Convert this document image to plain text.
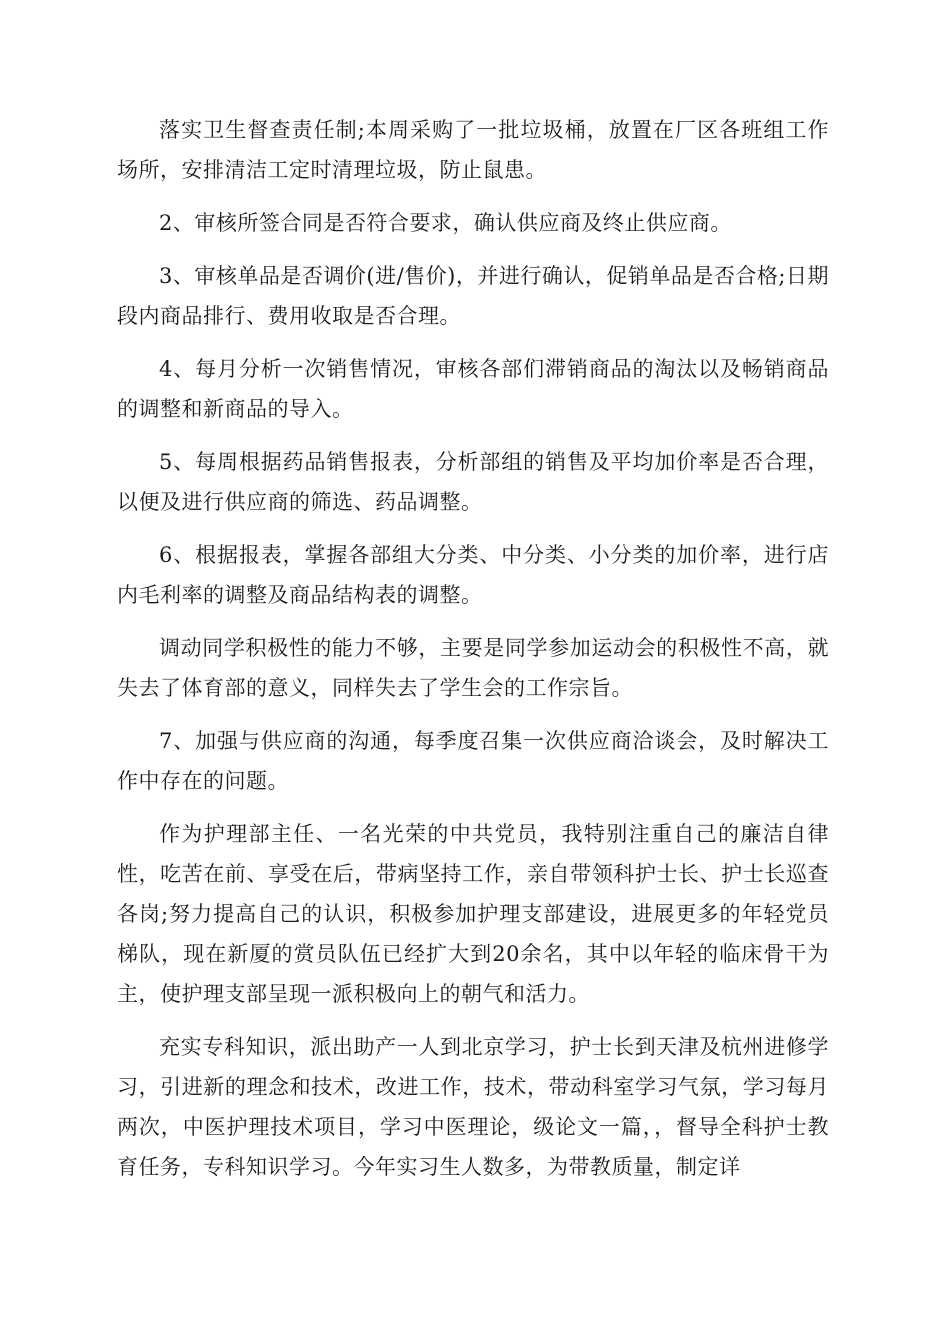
落实卫生督查责任制;本周采购了一批垃圾桶，放置在厂区各班组工作场所，安排清洁工定时清理垃圾，防止鼠患。

2、审核所签合同是否符合要求，确认供应商及终止供应商。

3、审核单品是否调价(进/售价)，并进行确认，促销单品是否合格;日期段内商品排行、费用收取是否合理。

4、每月分析一次销售情况，审核各部们滞销商品的淘汰以及畅销商品的调整和新商品的导入。

5、每周根据药品销售报表，分析部组的销售及平均加价率是否合理，以便及进行供应商的筛选、药品调整。

6、根据报表，掌握各部组大分类、中分类、小分类的加价率，进行店内毛利率的调整及商品结构表的调整。

调动同学积极性的能力不够，主要是同学参加运动会的积极性不高，就失去了体育部的意义，同样失去了学生会的工作宗旨。

7、加强与供应商的沟通，每季度召集一次供应商洽谈会，及时解决工作中存在的问题。

作为护理部主任、一名光荣的中共党员，我特别注重自己的廉洁自律性，吃苦在前、享受在后，带病坚持工作，亲自带领科护士长、护士长巡查各岗;努力提高自己的认识，积极参加护理支部建设，进展更多的年轻党员梯队，现在新厦的赏员队伍已经扩大到20余名，其中以年轻的临床骨干为主，使护理支部呈现一派积极向上的朝气和活力。

充实专科知识，派出助产一人到北京学习，护士长到天津及杭州进修学习，引进新的理念和技术，改进工作，技术，带动科室学习气氛，学习每月两次，中医护理技术项目，学习中医理论，级论文一篇，，督导全科护士教育任务，专科知识学习。今年实习生人数多，为带教质量，制定详
